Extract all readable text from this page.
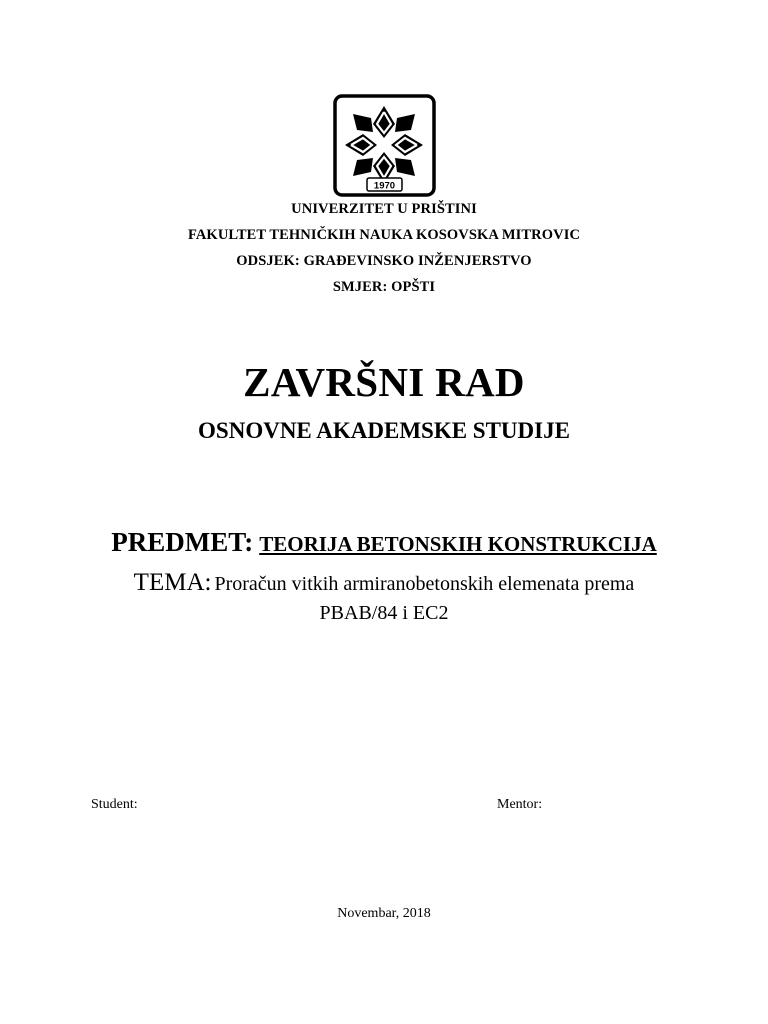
1970
UNIVERZITET U PRIŠTINI
FAKULTET TEHNIČKIH NAUKA KOSOVSKA MITROVIC
ODSJEK: GRAĐEVINSKO INŽENJERSTVO
SMJER: OPŠTI
ZAVRŠNI RAD
OSNOVNE AKADEMSKE STUDIJE
PREDMET: TEORIJA BETONSKIH KONSTRUKCIJA
TEMA: Proračun vitkih armiranobetonskih elemenata prema
PBAB/84 i EC2
Student:	Mentor:
Novembar, 2018
